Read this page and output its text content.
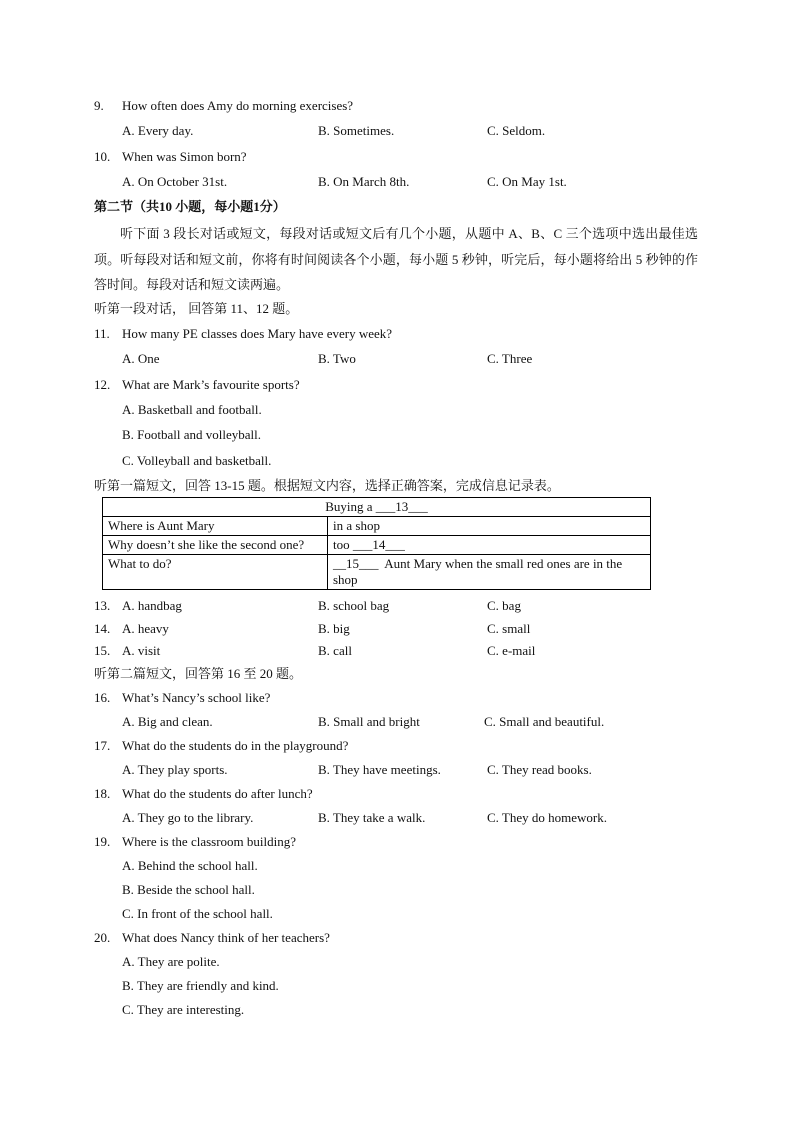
9. How often does Amy do morning exercises?
A. Every day.	B. Sometimes.	C. Seldom.
10. When was Simon born?
A. On October 31st.	B. On March 8th.	C. On May 1st.
第二节（共10 小题，每小题1分）
听下面 3 段长对话或短文，每段对话或短文后有几个小题，从题中 A、B、C 三个选项中选出最佳选项。听每段对话和短文前，你将有时间阅读各个小题，每小题 5 秒钟，听完后，每小题将给出 5 秒钟的作答时间。每段对话和短文读两遍。
听第一段对话， 回答第 11、12 题。
11. How many PE classes does Mary have every week?
A. One	B. Two	C. Three
12. What are Mark’s favourite sports?
A. Basketball and football.
B. Football and volleyball.
C. Volleyball and basketball.
听第一篇短文，回答 13-15 题。根据短文内容，选择正确答案，完成信息记录表。
Buying a ___13___	
Where is Aunt Mary	in a shop
Why doesn’t she like the second one?	too ___14___
What to do?	__15___  Aunt Mary when the small red ones are in the shop
13. A. handbag	B. school bag	C. bag
14. A. heavy	B. big	C. small
15. A. visit	B. call	C. e-mail
听第二篇短文，回答第 16 至 20 题。
16. What’s Nancy’s school like?
A. Big and clean.	B. Small and bright	C. Small and beautiful.
17. What do the students do in the playground?
A. They play sports.	B. They have meetings.	C. They read books.
18. What do the students do after lunch?
A. They go to the library.	B. They take a walk.	C. They do homework.
19. Where is the classroom building?
A. Behind the school hall.
B. Beside the school hall.
C. In front of the school hall.
20. What does Nancy think of her teachers?
A. They are polite.
B. They are friendly and kind.
C. They are interesting.
